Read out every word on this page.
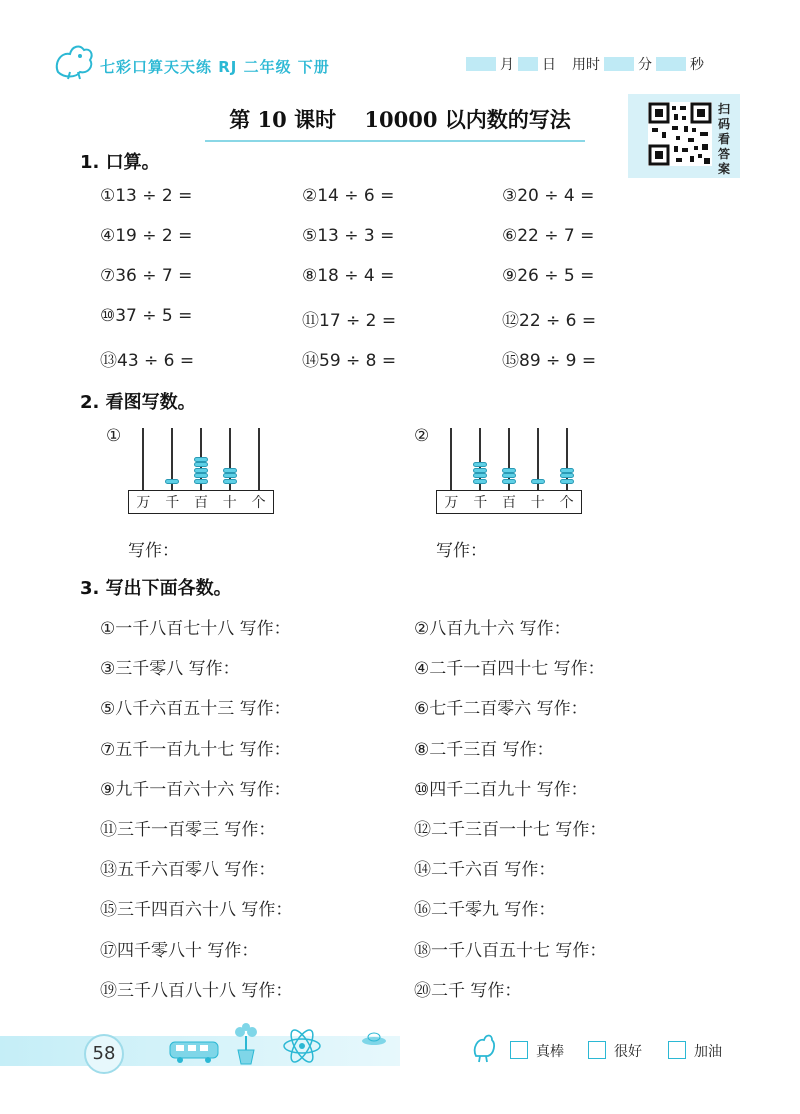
七彩口算天天练 RJ 二年级 下册	月 日 用时	分	秒
第 10 课时　 10000 以内数的写法	扫码看答案
1. 口算。
①13 ÷ 2 =	②14 ÷ 6 =	③20 ÷ 4 =
④19 ÷ 2 =	⑤13 ÷ 3 =	⑥22 ÷ 7 =
⑦36 ÷ 7 =	⑧18 ÷ 4 =	⑨26 ÷ 5 =
⑩37 ÷ 5 =	⑪17 ÷ 2 =	⑫22 ÷ 6 =
⑬43 ÷ 6 =	⑭59 ÷ 8 =	⑮89 ÷ 9 =
2. 看图写数。
①
万 千 百 十 个
写作：
②
万 千 百 十 个
写作：
3. 写出下面各数。
①一千八百七十八 写作：	②八百九十六 写作：
③三千零八 写作：	④二千一百四十七 写作：
⑤八千六百五十三 写作：	⑥七千二百零六 写作：
⑦五千一百九十七 写作：	⑧二千三百 写作：
⑨九千一百六十六 写作：	⑩四千二百九十 写作：
⑪三千一百零三 写作：	⑫二千三百一十七 写作：
⑬五千六百零八 写作：	⑭二千六百 写作：
⑮三千四百六十八 写作：	⑯二千零九 写作：
⑰四千零八十 写作：	⑱一千八百五十七 写作：
⑲三千八百八十八 写作：	⑳二千 写作：
58	真棒	很好	加油
